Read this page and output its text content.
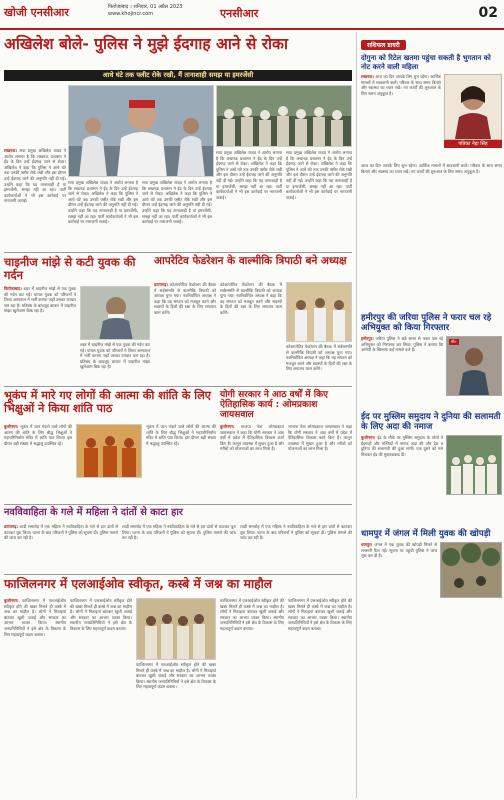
खोजी एनसीआर	फिरोजाबाद । शनिवार, 01 अप्रैल 2023
www.khojincr.com	एनसीआर	02
अखिलेश बोले- पुलिस ने मुझे ईदगाह आने से रोका
आधे घंटे तक फ्लीट रोके रखी, मैं तानाशाही समझ या इमरजेंसी
लखनऊ। सपा प्रमुख अखिलेश यादव ने आरोप लगाया है कि लखनऊ प्रशासन ने ईद के दिन उन्हें ईदगाह जाने से रोका। अखिलेश ने कहा कि पुलिस ने आधे घंटे तक उनकी फ्लीट रोके रखी और इस दौरान उन्हें ईदगाह जाने की अनुमति नहीं दी गई। उन्होंने कहा कि यह तानाशाही है या इमरजेंसी, समझ नहीं आ रहा। पार्टी कार्यकर्ताओं ने भी इस कार्रवाई पर नाराजगी जताई।
सपा प्रमुख अखिलेश यादव ने आरोप लगाया है कि लखनऊ प्रशासन ने ईद के दिन उन्हें ईदगाह जाने से रोका। अखिलेश ने कहा कि पुलिस ने आधे घंटे तक उनकी फ्लीट रोके रखी और इस दौरान उन्हें ईदगाह जाने की अनुमति नहीं दी गई। उन्होंने कहा कि यह तानाशाही है या इमरजेंसी, समझ नहीं आ रहा। पार्टी कार्यकर्ताओं ने भी इस कार्रवाई पर नाराजगी जताई।
सपा प्रमुख अखिलेश यादव ने आरोप लगाया है कि लखनऊ प्रशासन ने ईद के दिन उन्हें ईदगाह जाने से रोका। अखिलेश ने कहा कि पुलिस ने आधे घंटे तक उनकी फ्लीट रोके रखी और इस दौरान उन्हें ईदगाह जाने की अनुमति नहीं दी गई। उन्होंने कहा कि यह तानाशाही है या इमरजेंसी, समझ नहीं आ रहा। पार्टी कार्यकर्ताओं ने भी इस कार्रवाई पर नाराजगी जताई।
सपा प्रमुख अखिलेश यादव ने आरोप लगाया है कि लखनऊ प्रशासन ने ईद के दिन उन्हें ईदगाह जाने से रोका। अखिलेश ने कहा कि पुलिस ने आधे घंटे तक उनकी फ्लीट रोके रखी और इस दौरान उन्हें ईदगाह जाने की अनुमति नहीं दी गई। उन्होंने कहा कि यह तानाशाही है या इमरजेंसी, समझ नहीं आ रहा। पार्टी कार्यकर्ताओं ने भी इस कार्रवाई पर नाराजगी जताई।
सपा प्रमुख अखिलेश यादव ने आरोप लगाया है कि लखनऊ प्रशासन ने ईद के दिन उन्हें ईदगाह जाने से रोका। अखिलेश ने कहा कि पुलिस ने आधे घंटे तक उनकी फ्लीट रोके रखी और इस दौरान उन्हें ईदगाह जाने की अनुमति नहीं दी गई। उन्होंने कहा कि यह तानाशाही है या इमरजेंसी, समझ नहीं आ रहा। पार्टी कार्यकर्ताओं ने भी इस कार्रवाई पर नाराजगी जताई।
चाइनीज मांझे से कटी युवक की गर्दन
फिरोजाबाद। शहर में चाइनीज मांझे से एक युवक की गर्दन कट गई। घायल युवक को परिजनों ने जिला अस्पताल में भर्ती कराया जहाँ उसका उपचार चल रहा है। प्रतिबंध के बावजूद बाजार में चाइनीज मांझा खुलेआम बिक रहा है।
शहर में चाइनीज मांझे से एक युवक की गर्दन कट गई। घायल युवक को परिजनों ने जिला अस्पताल में भर्ती कराया जहाँ उसका उपचार चल रहा है। प्रतिबंध के बावजूद बाजार में चाइनीज मांझा खुलेआम बिक रहा है।
आपरेटिव फेडरेशन के वाल्मीकि त्रिपाठी बने अध्यक्ष
प्रतापगढ़। कोआपरेटिव फेडरेशन की बैठक में सर्वसम्मति से वाल्मीकि त्रिपाठी को अध्यक्ष चुना गया। नवनिर्वाचित अध्यक्ष ने कहा कि वह संगठन को मजबूत करने और सदस्यों के हितों की रक्षा के लिए लगातार काम करेंगे।
कोआपरेटिव फेडरेशन की बैठक में सर्वसम्मति से वाल्मीकि त्रिपाठी को अध्यक्ष चुना गया। नवनिर्वाचित अध्यक्ष ने कहा कि वह संगठन को मजबूत करने और सदस्यों के हितों की रक्षा के लिए लगातार काम करेंगे।
कोआपरेटिव फेडरेशन की बैठक में सर्वसम्मति से वाल्मीकि त्रिपाठी को अध्यक्ष चुना गया। नवनिर्वाचित अध्यक्ष ने कहा कि वह संगठन को मजबूत करने और सदस्यों के हितों की रक्षा के लिए लगातार काम करेंगे।
भूकंप में मारे गए लोगों की आत्मा की शांति के लिए भिक्षुओं ने किया शांति पाठ
कुशीनगर। भूकंप में जान गंवाने वाले लोगों की आत्मा की शांति के लिए बौद्ध भिक्षुओं ने महापरिनिर्वाण मंदिर में शांति पाठ किया। इस दौरान बड़ी संख्या में श्रद्धालु उपस्थित रहे।
भूकंप में जान गंवाने वाले लोगों की आत्मा की शांति के लिए बौद्ध भिक्षुओं ने महापरिनिर्वाण मंदिर में शांति पाठ किया। इस दौरान बड़ी संख्या में श्रद्धालु उपस्थित रहे।
योगी सरकार ने आठ वर्षों में किए ऐतिहासिक कार्य : ओमप्रकाश जायसवाल
कुशीनगर। भाजपा नेता ओमप्रकाश जायसवाल ने कहा कि योगी सरकार ने आठ वर्षों में प्रदेश में ऐतिहासिक विकास कार्य किए हैं। कानून व्यवस्था में सुधार हुआ है और गरीबों को योजनाओं का लाभ मिला है।
भाजपा नेता ओमप्रकाश जायसवाल ने कहा कि योगी सरकार ने आठ वर्षों में प्रदेश में ऐतिहासिक विकास कार्य किए हैं। कानून व्यवस्था में सुधार हुआ है और गरीबों को योजनाओं का लाभ मिला है।
नवविवाहिता के गले में महिला ने दांतों से काटा हार
प्रतापगढ़। शादी समारोह में एक महिला ने नवविवाहिता के गले से हार दांतों से काटकर चुरा लिया। घटना के बाद परिजनों ने पुलिस को सूचना दी। पुलिस मामले की जांच कर रही है।
शादी समारोह में एक महिला ने नवविवाहिता के गले से हार दांतों से काटकर चुरा लिया। घटना के बाद परिजनों ने पुलिस को सूचना दी। पुलिस मामले की जांच कर रही है।
शादी समारोह में एक महिला ने नवविवाहिता के गले से हार दांतों से काटकर चुरा लिया। घटना के बाद परिजनों ने पुलिस को सूचना दी। पुलिस मामले की जांच कर रही है।
फाजिलनगर में एलआईओव स्वीकृत, कस्बे में जश्न का माहौल
कुशीनगर। फाजिलनगर में एलआईओव स्वीकृत होने की खबर मिलते ही कस्बे में जश्न का माहौल है। लोगों ने मिठाइयां बांटकर खुशी जताई और सरकार का आभार व्यक्त किया। स्थानीय जनप्रतिनिधियों ने इसे क्षेत्र के विकास के लिए महत्वपूर्ण कदम बताया।
फाजिलनगर में एलआईओव स्वीकृत होने की खबर मिलते ही कस्बे में जश्न का माहौल है। लोगों ने मिठाइयां बांटकर खुशी जताई और सरकार का आभार व्यक्त किया। स्थानीय जनप्रतिनिधियों ने इसे क्षेत्र के विकास के लिए महत्वपूर्ण कदम बताया।
फाजिलनगर में एलआईओव स्वीकृत होने की खबर मिलते ही कस्बे में जश्न का माहौल है। लोगों ने मिठाइयां बांटकर खुशी जताई और सरकार का आभार व्यक्त किया। स्थानीय जनप्रतिनिधियों ने इसे क्षेत्र के विकास के लिए महत्वपूर्ण कदम बताया।
फाजिलनगर में एलआईओव स्वीकृत होने की खबर मिलते ही कस्बे में जश्न का माहौल है। लोगों ने मिठाइयां बांटकर खुशी जताई और सरकार का आभार व्यक्त किया। स्थानीय जनप्रतिनिधियों ने इसे क्षेत्र के विकास के लिए महत्वपूर्ण कदम बताया।
फाजिलनगर में एलआईओव स्वीकृत होने की खबर मिलते ही कस्बे में जश्न का माहौल है। लोगों ने मिठाइयां बांटकर खुशी जताई और सरकार का आभार व्यक्त किया। स्थानीय जनप्रतिनिधियों ने इसे क्षेत्र के विकास के लिए महत्वपूर्ण कदम बताया।
राशिफल डायरी
दोगुना को रिटेल खतमा पहुंचा सकती है भुगतान को नोट करने वाली महिला
लखनऊ। आज का दिन आपके लिए शुभ रहेगा। आर्थिक मामलों में सावधानी बरतें। परिवार के साथ समय बिताएं और स्वास्थ्य का ध्यान रखें। नए कार्यों की शुरुआत के लिए समय अनुकूल है।
पत्रिका नेहा सिंह
आज का दिन आपके लिए शुभ रहेगा। आर्थिक मामलों में सावधानी बरतें। परिवार के साथ समय बिताएं और स्वास्थ्य का ध्यान रखें। नए कार्यों की शुरुआत के लिए समय अनुकूल है।
हमीरपुर की जरिया पुलिस ने फरार चल रहे अभियुक्त को किया गिरफ्तार
हमीरपुर। जरिया पुलिस ने लंबे समय से फरार चल रहे अभियुक्त को गिरफ्तार कर लिया। पुलिस ने बताया कि आरोपी के खिलाफ कई मामले दर्ज हैं।
मो०
ईद पर मुस्लिम समुदाय ने दुनिया की सलामती के लिए अदा की नमाज
कुशीनगर। ईद के मौके पर मुस्लिम समुदाय के लोगों ने ईदगाहों और मस्जिदों में नमाज अदा की और देश व दुनिया की सलामती की दुआ मांगी। एक दूसरे को गले मिलकर ईद की मुबारकबाद दी।
धामपुर में जंगल में मिली युवक की खोपड़ी
धामपुर। जंगल में एक युवक की खोपड़ी मिलने से सनसनी फैल गई। सूचना पर पहुंची पुलिस ने जांच शुरू कर दी है।
